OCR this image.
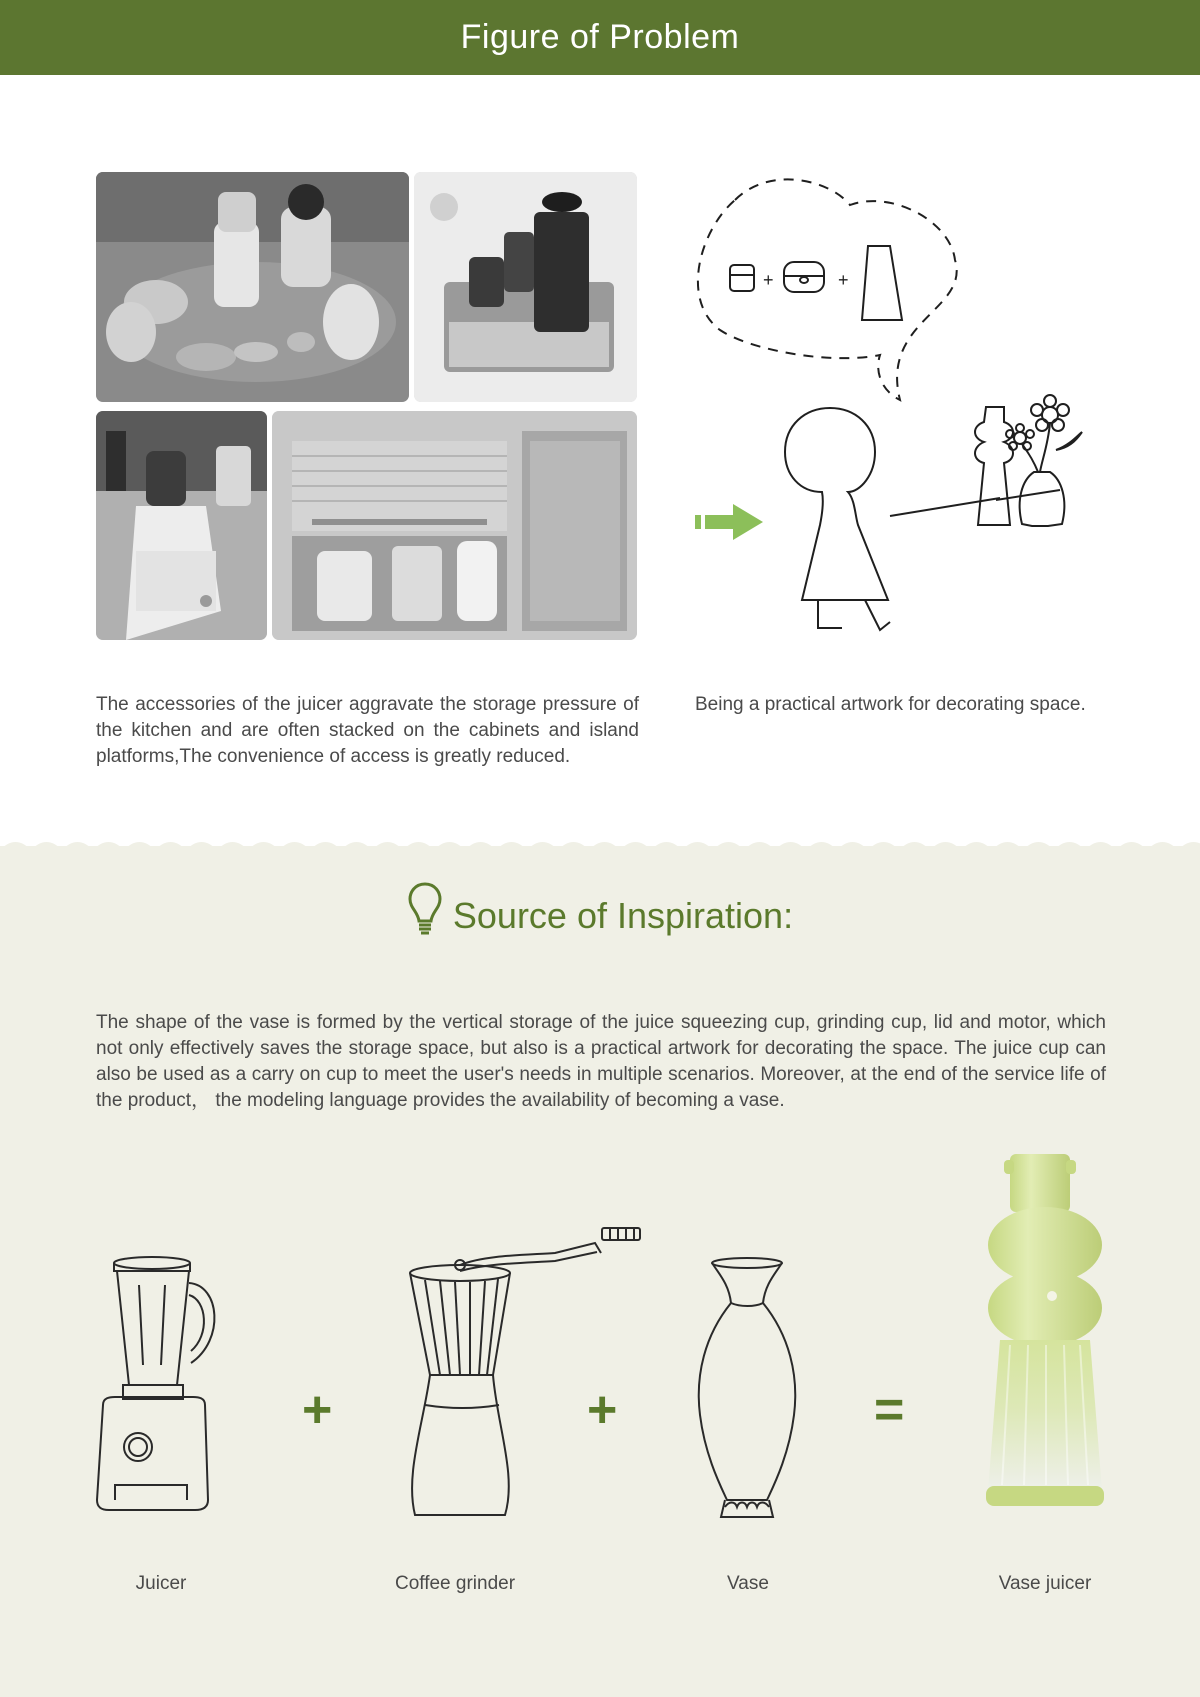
Figure of Problem
+	+
The accessories of the juicer aggravate the storage pressure of the kitchen and are often stacked on the cabinets and island platforms,The convenience of access is greatly reduced.
Being a practical artwork for decorating space.
Source of Inspiration:
The shape of the vase is formed by the vertical storage of the juice squeezing cup, grinding cup, lid and motor, which not only effectively saves the storage space, but also is a practical artwork for decorating the space. The juice cup can also be used as a carry on cup to meet the user's needs in multiple scenarios. Moreover, at the end of the service life of the product， the modeling language provides the availability of becoming a vase.
+	+	=
Juicer	Coffee grinder	Vase	Vase juicer
